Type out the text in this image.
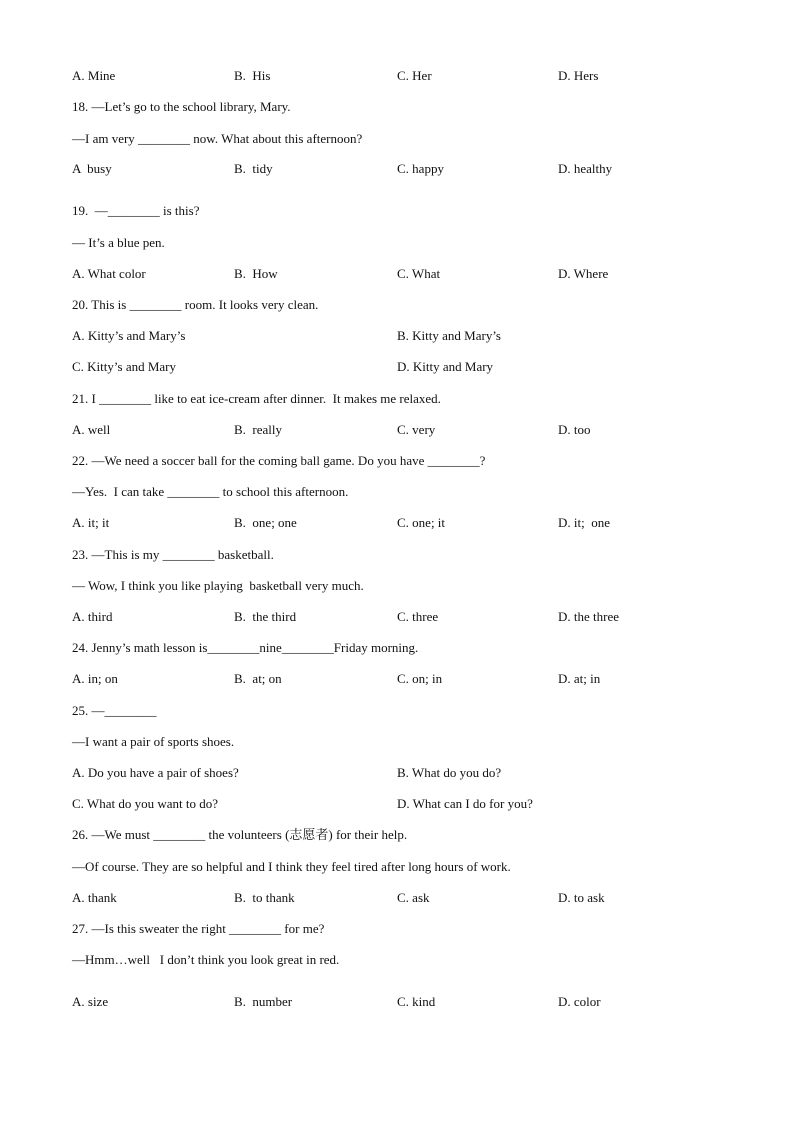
A. Mine	B.  His	C. Her	D. Hers
18. —Let’s go to the school library, Mary.
—I am very ________ now. What about this afternoon?
A  busy	B.  tidy	C. happy	D. healthy
19.  —________ is this?
— It’s a blue pen.
A. What color	B.  How	C. What	D. Where
20. This is ________ room. It looks very clean.
A. Kitty’s and Mary’s	B. Kitty and Mary’s
C. Kitty’s and Mary	D. Kitty and Mary
21. I ________ like to eat ice-cream after dinner.  It makes me relaxed.
A. well	B.  really	C. very	D. too
22. —We need a soccer ball for the coming ball game. Do you have ________?
—Yes.  I can take ________ to school this afternoon.
A. it; it	B.  one; one	C. one; it	D. it;  one
23. —This is my ________ basketball.
— Wow, I think you like playing  basketball very much.
A. third	B.  the third	C. three	D. the three
24. Jenny’s math lesson is________nine________Friday morning.
A. in; on	B.  at; on	C. on; in	D. at; in
25. —________
—I want a pair of sports shoes.
A. Do you have a pair of shoes?	B. What do you do?
C. What do you want to do?	D. What can I do for you?
26. —We must ________ the volunteers (志愿者) for their help.
—Of course. They are so helpful and I think they feel tired after long hours of work.
A. thank	B.  to thank	C. ask	D. to ask
27. —Is this sweater the right ________ for me?
—Hmm…well   I don’t think you look great in red.
A. size	B.  number	C. kind	D. color
